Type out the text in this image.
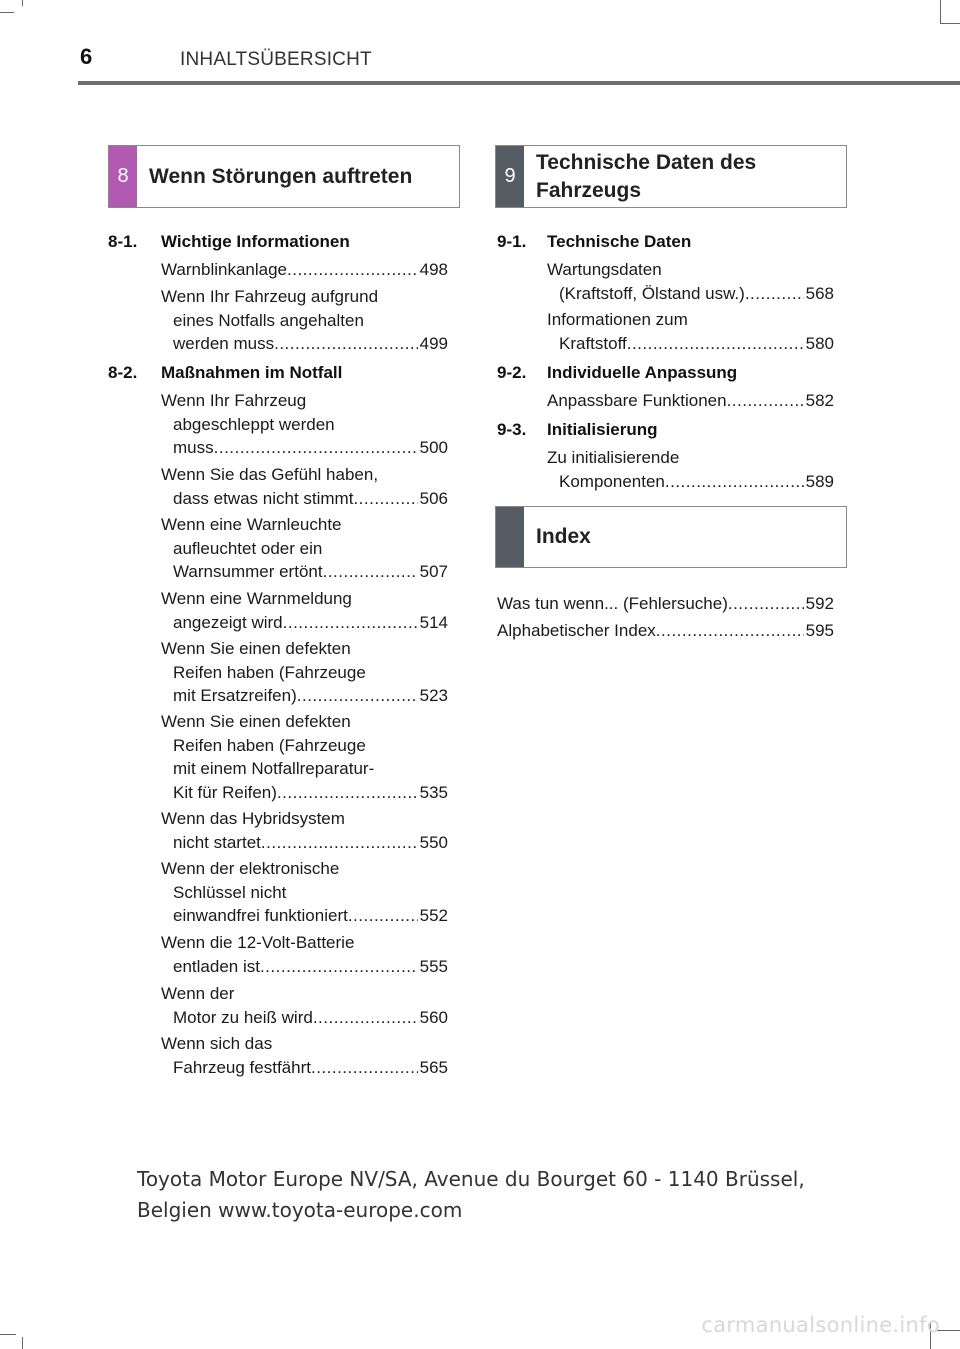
6	INHALTSÜBERSICHT
8 Wenn Störungen auftreten	9
Technische Daten des
Fahrzeugs
8-1. Wichtige Informationen
Warnblinkanlage .....	498
Wenn Ihr Fahrzeug aufgrund
eines Notfalls angehalten
werden muss .....	499
8-2. Maßnahmen im Notfall
Wenn Ihr Fahrzeug
abgeschleppt werden
muss .....	500
Wenn Sie das Gefühl haben,
dass etwas nicht stimmt .....	506
Wenn eine Warnleuchte
aufleuchtet oder ein
Warnsummer ertönt .....	507
Wenn eine Warnmeldung
angezeigt wird .....	514
Wenn Sie einen defekten
Reifen haben (Fahrzeuge
mit Ersatzreifen) .....	523
Wenn Sie einen defekten
Reifen haben (Fahrzeuge
mit einem Notfallreparatur-
Kit für Reifen) .....	535
Wenn das Hybridsystem
nicht startet .....	550
Wenn der elektronische
Schlüssel nicht
einwandfrei funktioniert .....	552
Wenn die 12-Volt-Batterie
entladen ist .....	555
Wenn der
Motor zu heiß wird .....	560
Wenn sich das
Fahrzeug festfährt .....	565
9-1. Technische Daten
Wartungsdaten
(Kraftstoff, Ölstand usw.) .....	568
Informationen zum
Kraftstoff .....	580
9-2. Individuelle Anpassung
Anpassbare Funktionen .....	582
9-3. Initialisierung
Zu initialisierende
Komponenten .....	589
Index
Was tun wenn... (Fehlersuche) .....	592
Alphabetischer Index .....	595
Toyota Motor Europe NV/SA, Avenue du Bourget 60 - 1140 Brüssel,
Belgien www.toyota-europe.com
carmanualsonline.info
